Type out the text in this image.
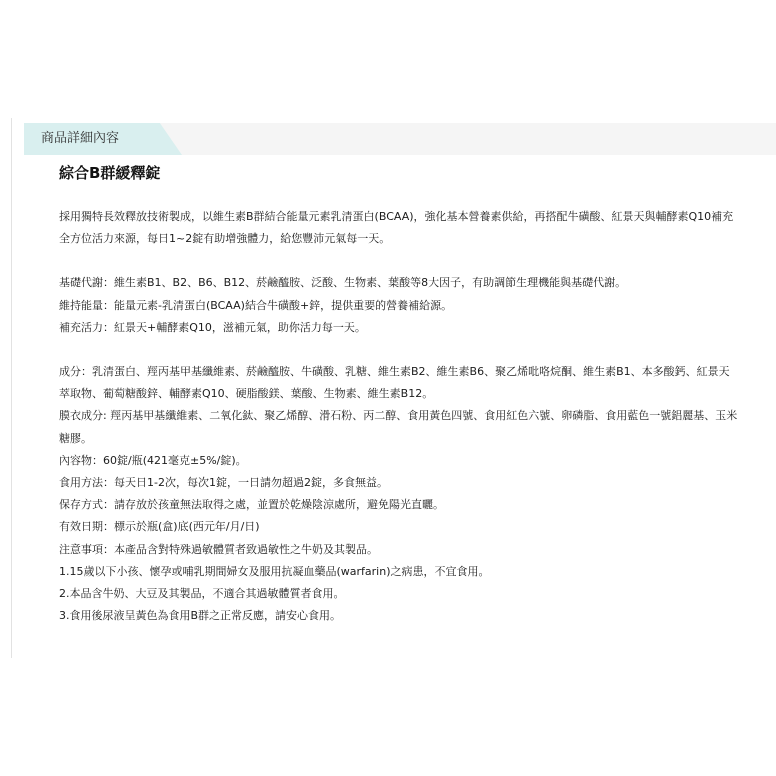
商品詳細內容
綜合B群緩釋錠

採用獨特長效釋放技術製成，以維生素B群結合能量元素乳清蛋白(BCAA)，強化基本營養素供給，再搭配牛磺酸、紅景天與輔酵素Q10補充全方位活力來源，每日1~2錠有助增強體力，給您豐沛元氣每一天。

基礎代謝：維生素B1、B2、B6、B12、菸鹼醯胺、泛酸、生物素、葉酸等8大因子，有助調節生理機能與基礎代謝。

維持能量：能量元素-乳清蛋白(BCAA)結合牛磺酸+鋅，提供重要的營養補給源。

補充活力：紅景天+輔酵素Q10，滋補元氣，助你活力每一天。

成分：乳清蛋白、羥丙基甲基纖維素、菸鹼醯胺、牛磺酸、乳糖、維生素B2、維生素B6、聚乙烯吡咯烷酮、維生素B1、本多酸鈣、紅景天萃取物、葡萄糖酸鋅、輔酵素Q10、硬脂酸鎂、葉酸、生物素、維生素B12。

膜衣成分: 羥丙基甲基纖維素、二氧化鈦、聚乙烯醇、滑石粉、丙二醇、食用黃色四號、食用紅色六號、卵磷脂、食用藍色一號鋁麗基、玉米糖膠。

內容物：60錠/瓶(421毫克±5%/錠)。

食用方法：每天日1-2次，每次1錠，一日請勿超過2錠，多食無益。

保存方式：請存放於孩童無法取得之處，並置於乾燥陰涼處所，避免陽光直曬。

有效日期：標示於瓶(盒)底(西元年/月/日)

注意事項：本產品含對特殊過敏體質者致過敏性之牛奶及其製品。

1.15歲以下小孩、懷孕或哺乳期間婦女及服用抗凝血藥品(warfarin)之病患，不宜食用。

2.本品含牛奶、大豆及其製品，不適合其過敏體質者食用。

3.食用後尿液呈黃色為食用B群之正常反應，請安心食用。
